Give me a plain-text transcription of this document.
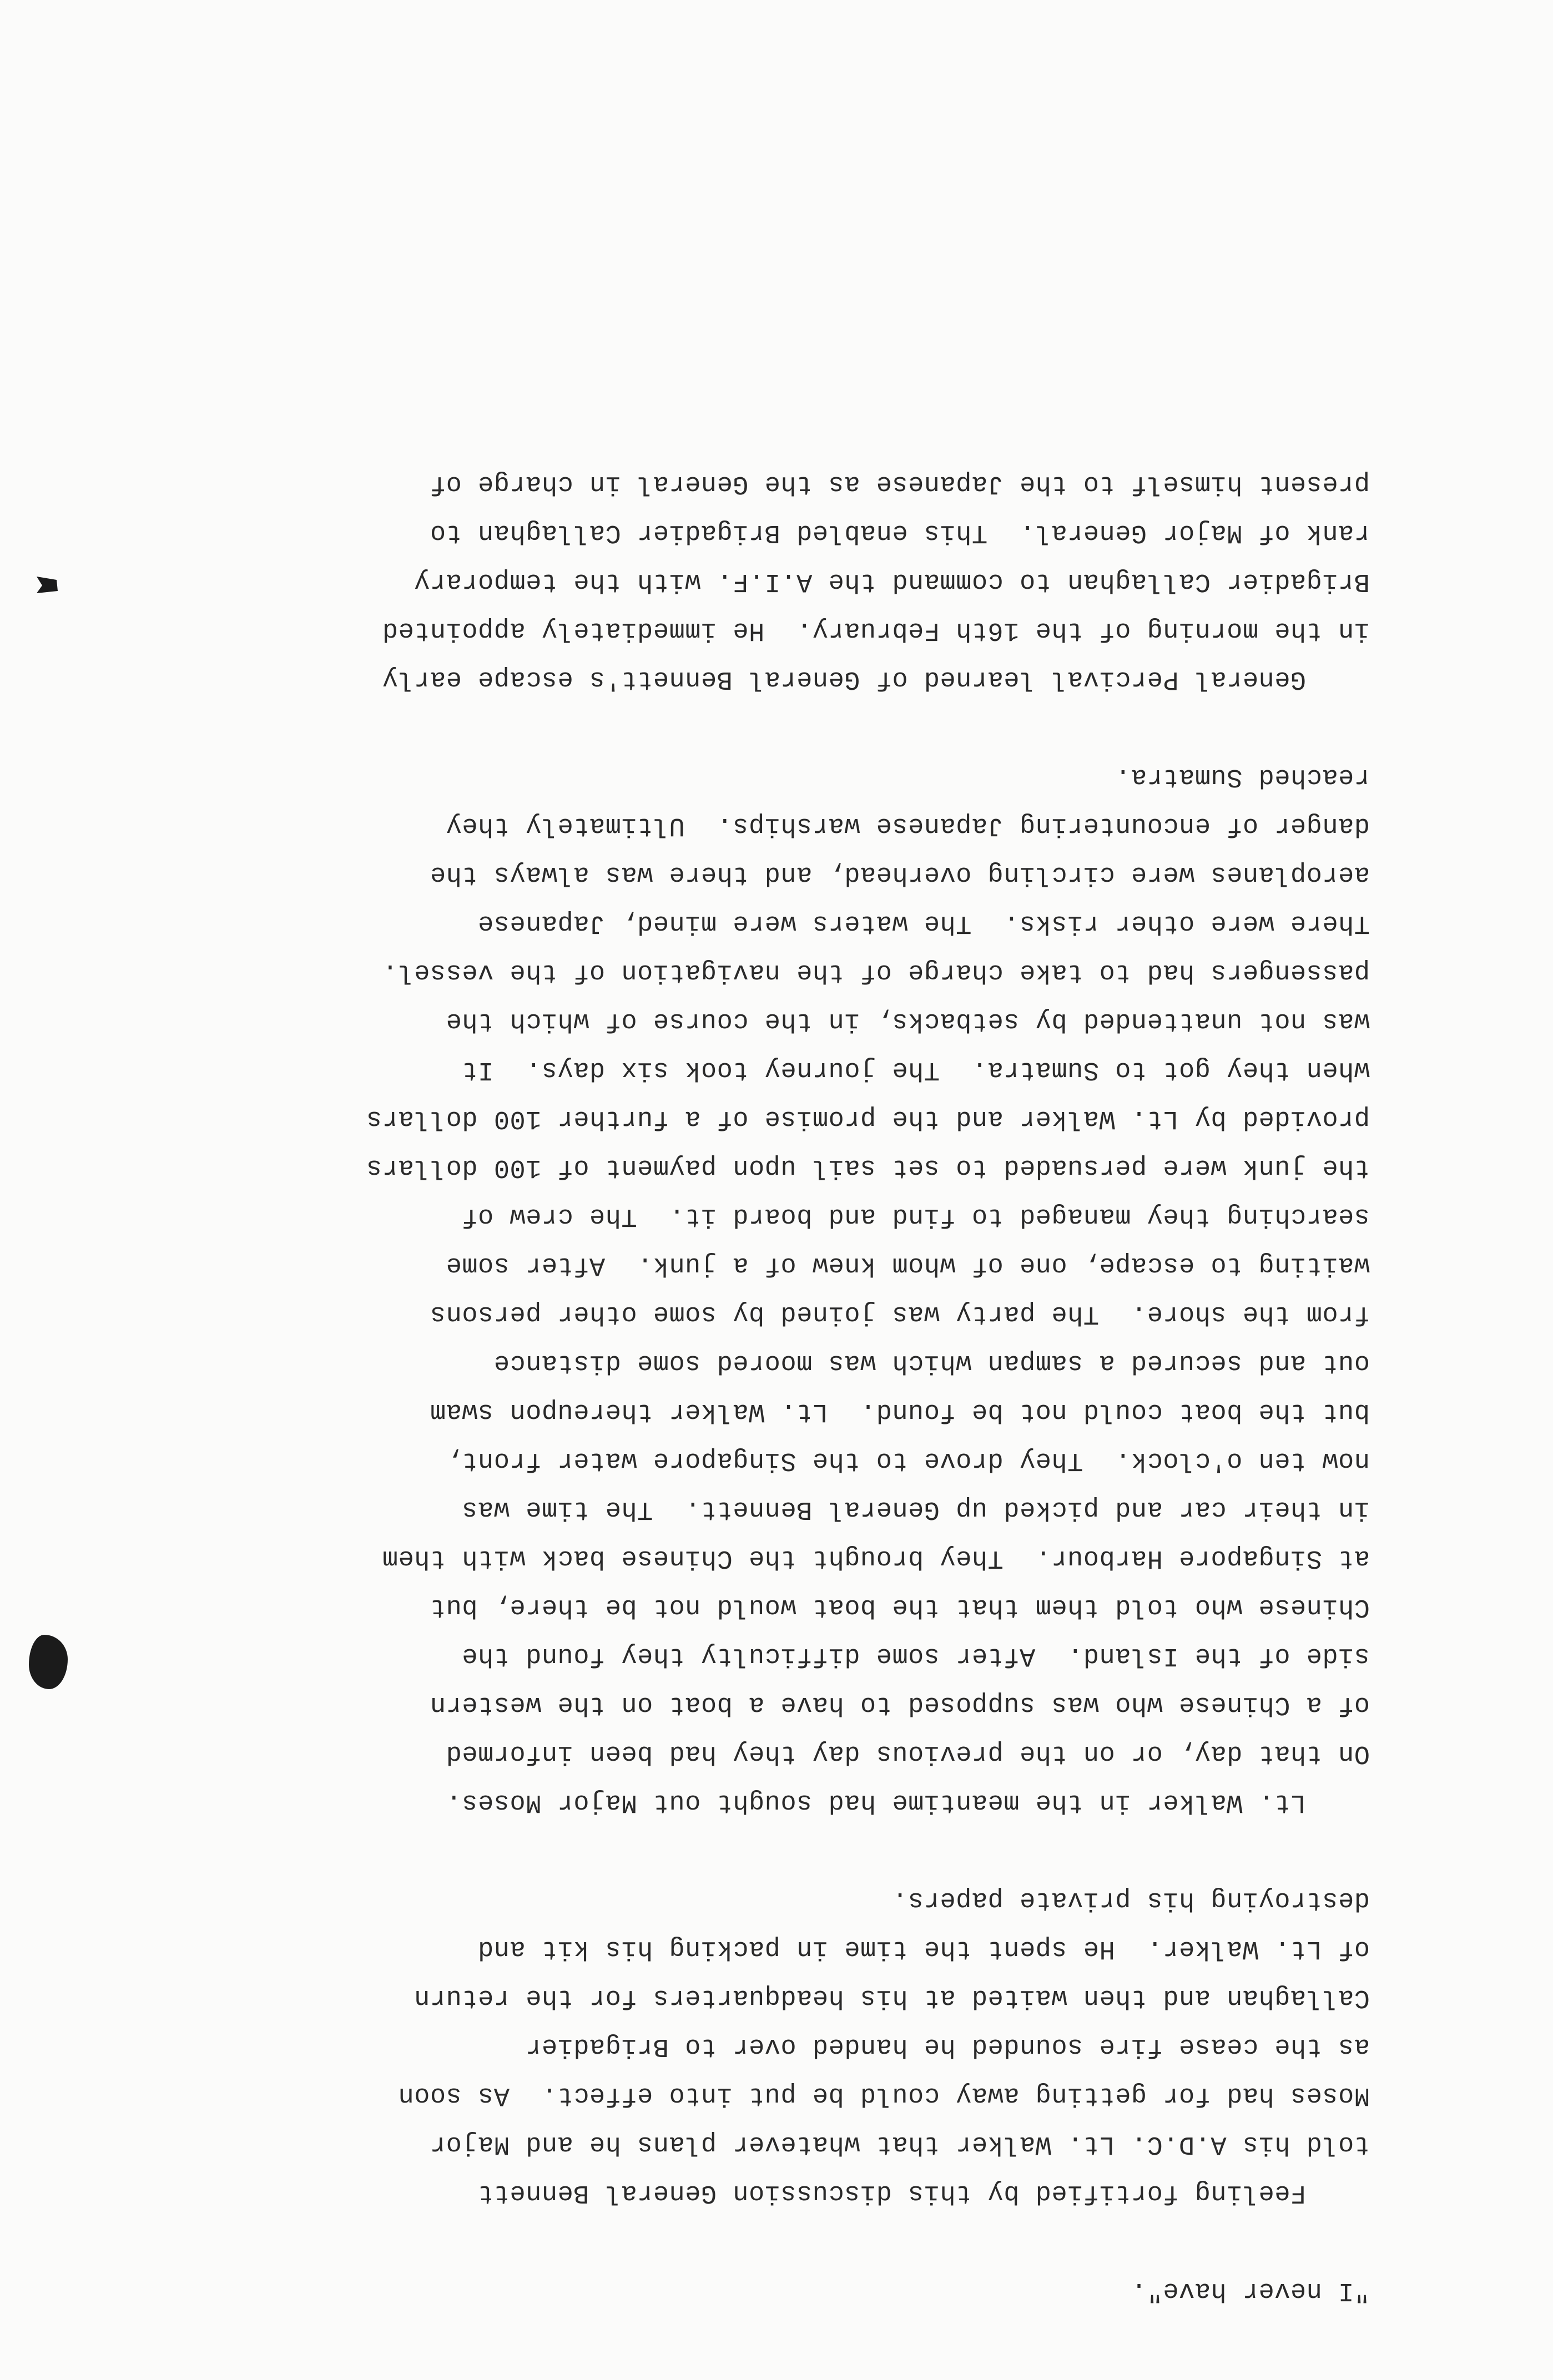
"I never have".
Feeling fortified by this discussion General Bennett
told his A.D.C. Lt. Walker that whatever plans he and Major
Moses had for getting away could be put into effect.  As soon
as the cease fire sounded he handed over to Brigadier
Callaghan and then waited at his headquarters for the return
of Lt. Walker.  He spent the time in packing his kit and
destroying his private papers.
Lt. Walker in the meantime had sought out Major Moses.
On that day, or on the previous day they had been informed
of a Chinese who was supposed to have a boat on the western
side of the Island.  After some difficulty they found the
Chinese who told them that the boat would not be there, but
at Singapore Harbour.  They brought the Chinese back with them
in their car and picked up General Bennett.  The time was
now ten o'clock.  They drove to the Singapore water front,
but the boat could not be found.  Lt. Walker thereupon swam
out and secured a sampan which was moored some distance
from the shore.  The party was joined by some other persons
waiting to escape, one of whom knew of a junk.  After some
searching they managed to find and board it.  The crew of
the junk were persuaded to set sail upon payment of 100 dollars
provided by Lt. Walker and the promise of a further 100 dollars
when they got to Sumatra.  The journey took six days.  It
was not unattended by setbacks, in the course of which the
passengers had to take charge of the navigation of the vessel.
There were other risks.  The waters were mined, Japanese
aeroplanes were circling overhead, and there was always the
danger of encountering Japanese warships.  Ultimately they
reached Sumatra.
General Percival learned of General Bennett's escape early
in the morning of the 16th February.  He immediately appointed
Brigadier Callaghan to command the A.I.F. with the temporary
rank of Major General.  This enabled Brigadier Callaghan to
present himself to the Japanese as the General in charge of
